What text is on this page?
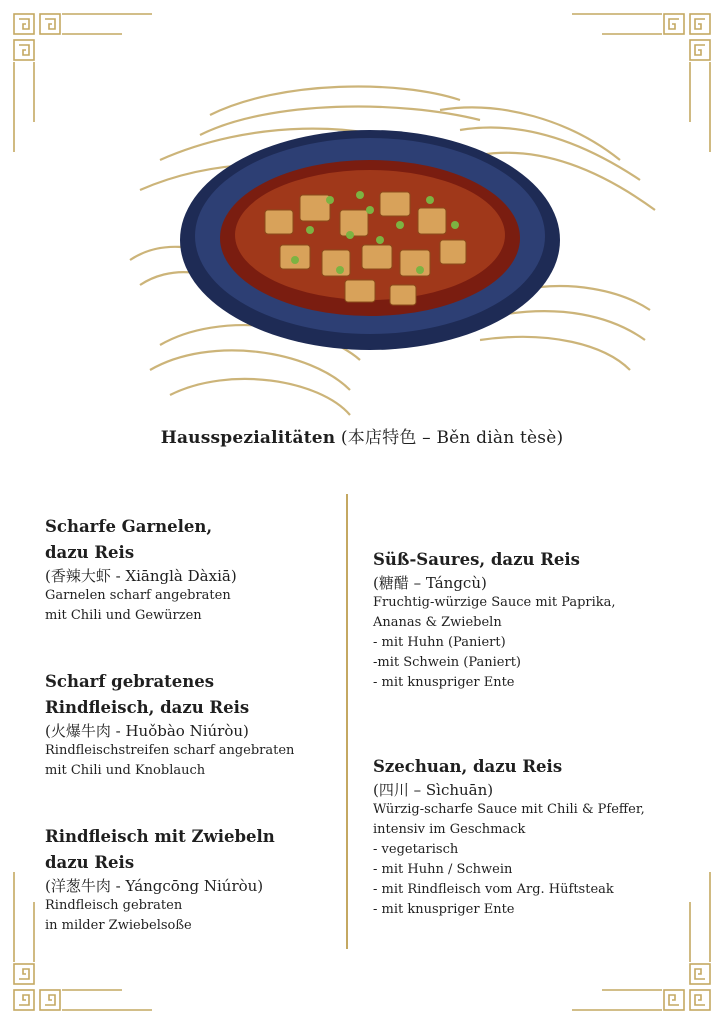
Hausspezialitäten (本店特色 – Běn diàn tèsè)
Scharfe Garnelen,
dazu Reis
(香辣大虾 - Xiānglà Dàxiā)
Garnelen scharf angebraten
mit Chili und Gewürzen
Scharf gebratenes
Rindfleisch, dazu Reis
(火爆牛肉 - Huǒbào Niúròu)
Rindfleischstreifen scharf angebraten
mit Chili und Knoblauch
Rindfleisch mit Zwiebeln
dazu Reis
(洋葱牛肉 - Yángcōng Niúròu)
Rindfleisch gebraten
in milder Zwiebelsoße
Süß-Saures, dazu Reis
(糖醋 – Tángcù)
Fruchtig-würzige Sauce mit Paprika,
Ananas & Zwiebeln
- mit Huhn (Paniert)
-mit Schwein (Paniert)
- mit knuspriger Ente
Szechuan, dazu Reis
(四川 – Sìchuān)
Würzig-scharfe Sauce mit Chili & Pfeffer,
intensiv im Geschmack
- vegetarisch
- mit Huhn / Schwein
- mit Rindfleisch vom Arg. Hüftsteak
- mit knuspriger Ente
